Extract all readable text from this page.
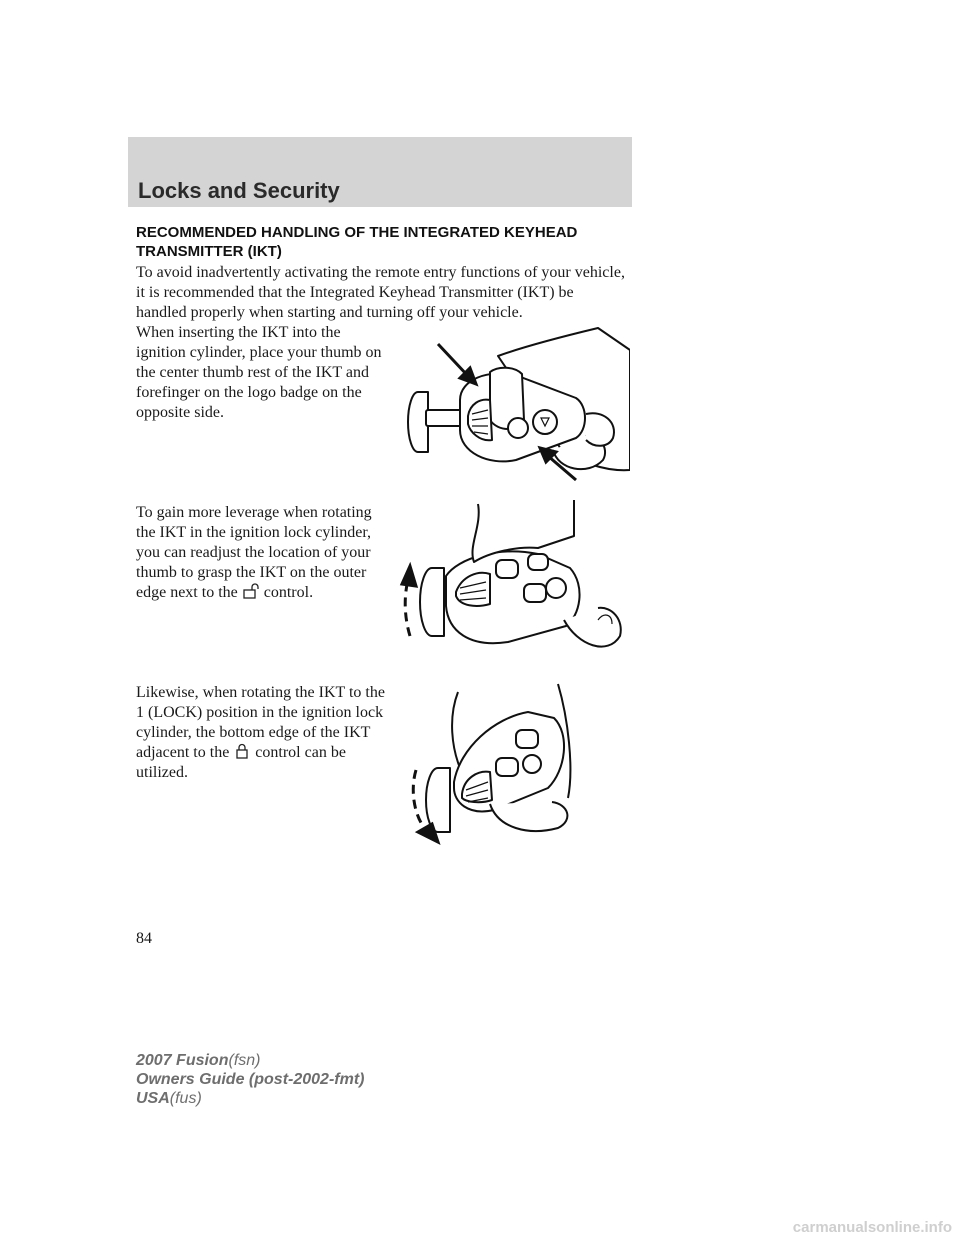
Locks and Security
RECOMMENDED HANDLING OF THE INTEGRATED KEYHEAD TRANSMITTER (IKT)

To avoid inadvertently activating the remote entry functions of your vehicle, it is recommended that the Integrated Keyhead Transmitter (IKT) be handled properly when starting and turning off your vehicle.

When inserting the IKT into the ignition cylinder, place your thumb on the center thumb rest of the IKT and forefinger on the logo badge on the opposite side.

To gain more leverage when rotating the IKT in the ignition lock cylinder, you can readjust the location of your thumb to grasp the IKT on the outer edge next to the control.

Likewise, when rotating the IKT to the 1 (LOCK) position in the ignition lock cylinder, the bottom edge of the IKT adjacent to the control can be utilized.

84

2007 Fusion(fsn)
Owners Guide (post-2002-fmt)
USA(fus)
carmanualsonline.info
